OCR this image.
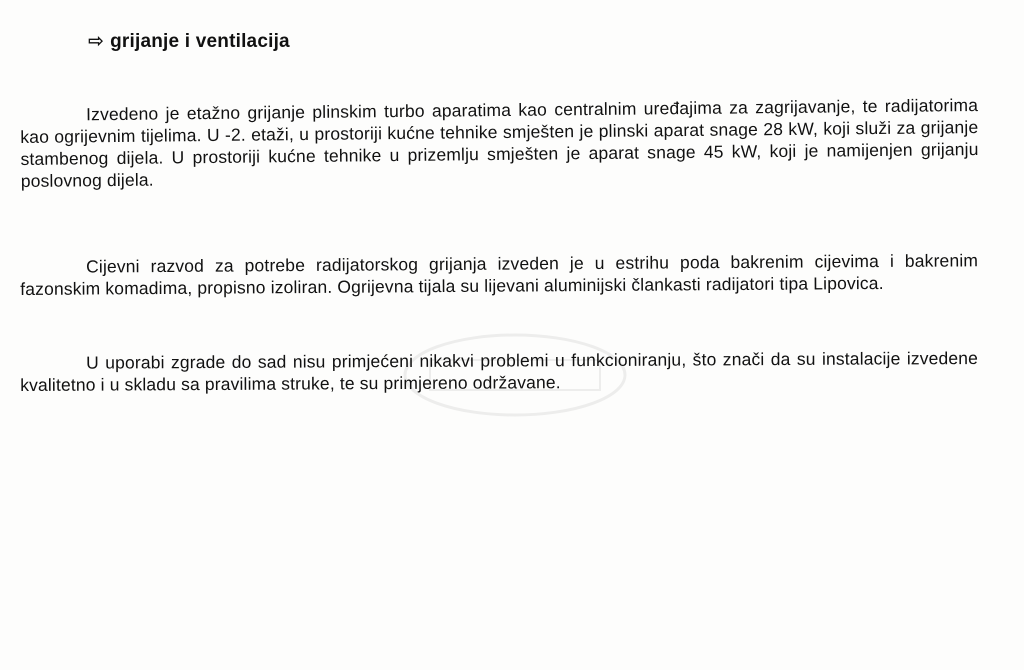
⇨ grijanje i ventilacija
Izvedeno je etažno grijanje plinskim turbo aparatima kao centralnim uređajima za zagrijavanje, te radijatorima kao ogrijevnim tijelima. U -2. etaži, u prostoriji kućne tehnike smješten je plinski aparat snage 28 kW, koji služi za grijanje stambenog dijela. U prostoriji kućne tehnike u prizemlju smješten je aparat snage 45 kW, koji je namijenjen grijanju poslovnog dijela.
Cijevni razvod za potrebe radijatorskog grijanja izveden je u estrihu poda bakrenim cijevima i bakrenim fazonskim komadima, propisno izoliran. Ogrijevna tijala su lijevani aluminijski člankasti radijatori tipa Lipovica.
U uporabi zgrade do sad nisu primjećeni nikakvi problemi u funkcioniranju, što znači da su instalacije izvedene kvalitetno i u skladu sa pravilima struke, te su primjereno održavane.
